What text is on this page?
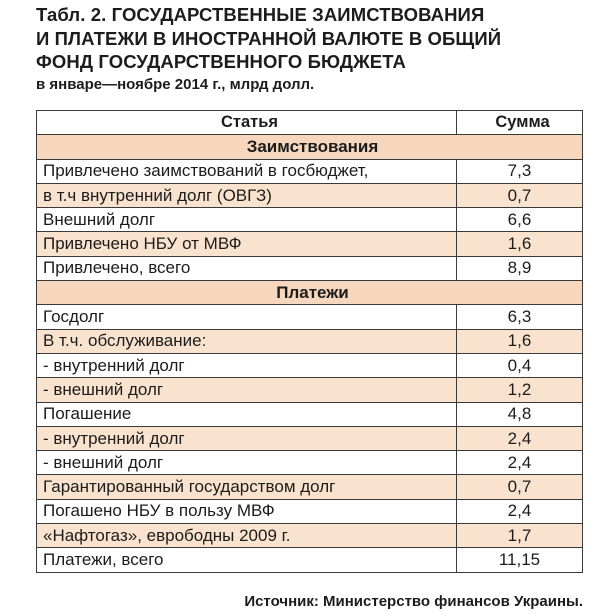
Табл. 2. ГОСУДАРСТВЕННЫЕ ЗАИМСТВОВАНИЯ
И ПЛАТЕЖИ В ИНОСТРАННОЙ ВАЛЮТЕ В ОБЩИЙ
ФОНД ГОСУДАРСТВЕННОГО БЮДЖЕТА
в январе—ноябре 2014 г., млрд долл.
Статья	Сумма
Заимствования	
Привлечено заимствований в госбюджет,	7,3
в т.ч внутренний долг (ОВГЗ)	0,7
Внешний долг	6,6
Привлечено НБУ от МВФ	1,6
Привлечено, всего	8,9
Платежи	
Госдолг	6,3
В т.ч. обслуживание:	1,6
- внутренний долг	0,4
- внешний долг	1,2
Погашение	4,8
- внутренний долг	2,4
- внешний долг	2,4
Гарантированный государством долг	0,7
Погашено НБУ в пользу МВФ	2,4
«Нафтогаз», еврободны 2009 г.	1,7
Платежи, всего	11,15
Источник: Министерство финансов Украины.
